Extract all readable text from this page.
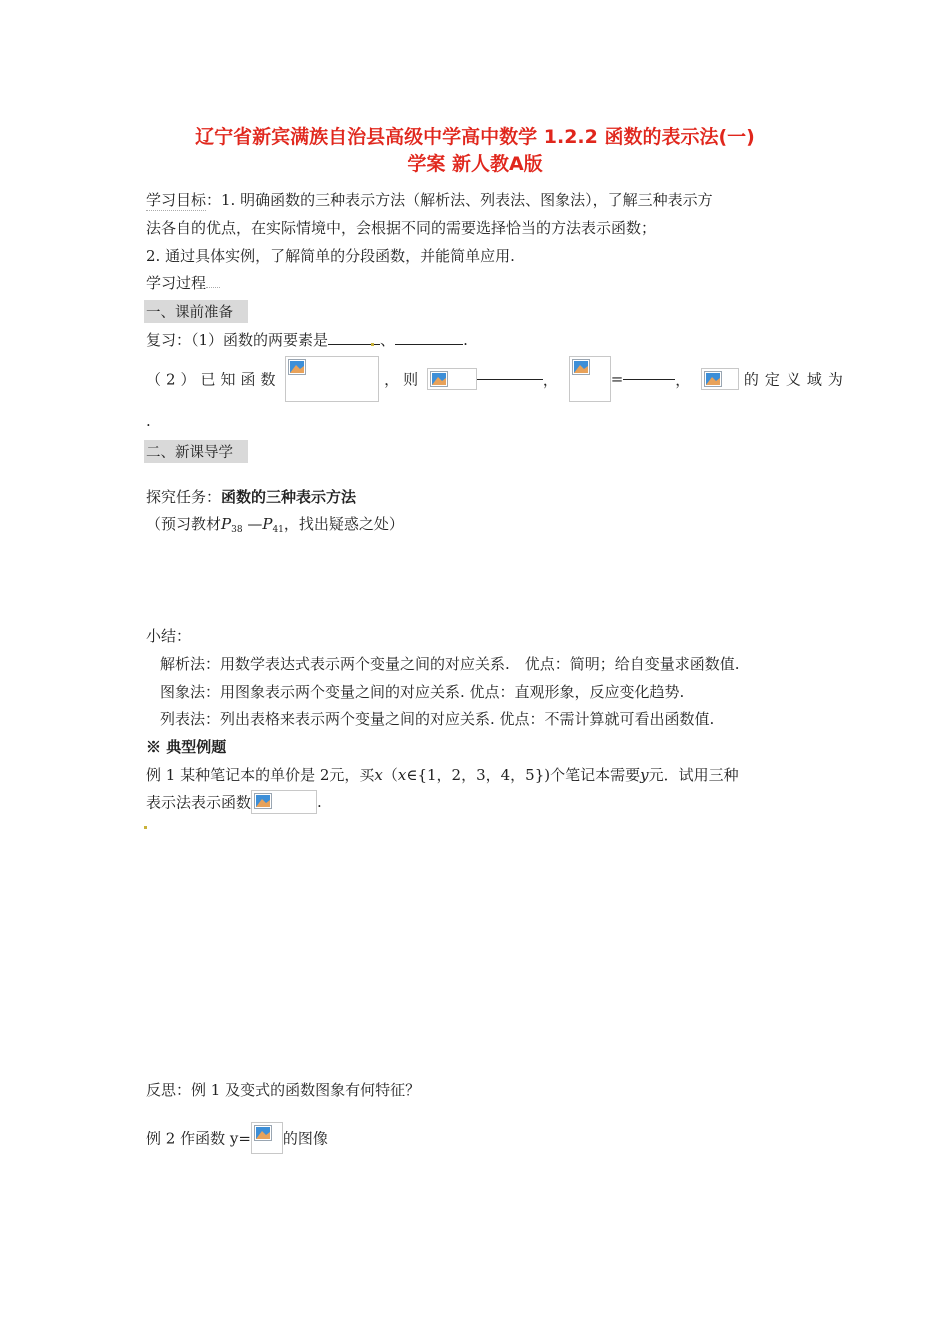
辽宁省新宾满族自治县高级中学高中数学 1.2.2 函数的表示法(一)
学案 新人教A版
学习目标：1. 明确函数的三种表示方法（解析法、列表法、图象法），了解三种表示方
法各自的优点，在实际情境中，会根据不同的需要选择恰当的方法表示函数；
2. 通过具体实例，了解简单的分段函数，并能简单应用.
学习过程
一、课前准备
复习：（1）函数的两要素是	、	.
（2）已知函数	，则	，	=	，	的定义域为
.
二、新课导学
探究任务：函数的三种表示方法
（预习教材$P_{38}$ $—P_{41}$，找出疑惑之处）
小结：
解析法：用数学表达式表示两个变量之间的对应关系.　优点：简明；给自变量求函数值.
图象法：用图象表示两个变量之间的对应关系. 优点：直观形象，反应变化趋势.
列表法：列出表格来表示两个变量之间的对应关系. 优点：不需计算就可看出函数值.
※ 典型例题
例 1 某种笔记本的单价是 2元，买x（x∈{1，2，3，4，5})个笔记本需要y元．试用三种
表示法表示函数	.
反思：例 1 及变式的函数图象有何特征？
例 2 作函数 y= 的图像
